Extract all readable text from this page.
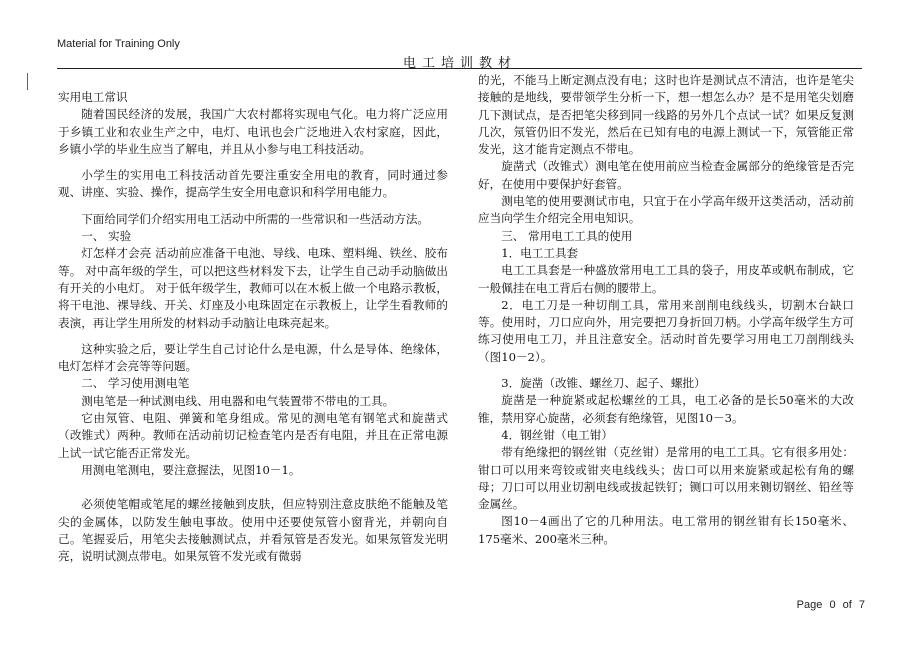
Material for Training Only
电工培训教材

实用电工常识

随着国民经济的发展，我国广大农村都将实现电气化。电力将广泛应用于乡镇工业和农业生产之中，电灯、电讯也会广泛地进入农村家庭，因此，乡镇小学的毕业生应当了解电，并且从小参与电工科技活动。

小学生的实用电工科技活动首先要注重安全用电的教育，同时通过参观、讲座、实验、操作，提高学生安全用电意识和科学用电能力。

下面给同学们介绍实用电工活动中所需的一些常识和一些活动方法。

一、 实验

灯怎样才会亮 活动前应准备干电池、导线、电珠、塑料绳、铁丝、胶布等。 对中高年级的学生，可以把这些材料发下去，让学生自己动手动脑做出有开关的小电灯。 对于低年级学生，教师可以在木板上做一个电路示教板，将干电池、裸导线、开关、灯座及小电珠固定在示教板上，让学生看教师的表演，再让学生用所发的材料动手动脑让电珠亮起来。

这种实验之后，要让学生自己讨论什么是电源，什么是导体、绝缘体，电灯怎样才会亮等等问题。

二、 学习使用测电笔

测电笔是一种试测电线、用电器和电气装置带不带电的工具。

它由氖管、电阻、弹簧和笔身组成。常见的测电笔有钢笔式和旋凿式（改锥式）两种。教师在活动前切记检查笔内是否有电阻，并且在正常电源上试一试它能否正常发光。

用测电笔测电，要注意握法，见图10－1。

必须使笔帽或笔尾的螺丝接触到皮肤，但应特别注意皮肤绝不能触及笔尖的金属体，以防发生触电事故。使用中还要使氖管小窗背光，并朝向自己。笔握妥后，用笔尖去接触测试点，并看氖管是否发光。如果氖管发光明亮，说明试测点带电。如果氖管不发光或有微弱

的光，不能马上断定测点没有电；这时也许是测试点不清洁，也许是笔尖接触的是地线，要带领学生分析一下，想一想怎么办？是不是用笔尖划磨几下测试点，是否把笔尖移到同一线路的另外几个点试一试？如果反复测几次，氖管仍旧不发光，然后在已知有电的电源上测试一下，氖管能正常发光，这才能肯定测点不带电。

旋凿式（改锥式）测电笔在使用前应当检查金属部分的绝缘管是否完好，在使用中要保护好套管。

测电笔的使用要测试市电，只宜于在小学高年级开这类活动，活动前应当向学生介绍完全用电知识。

三、 常用电工工具的使用

1．电工工具套

电工工具套是一种盛放常用电工工具的袋子，用皮革或帆布制成，它一般佩挂在电工背后右侧的腰带上。

2．电工刀是一种切削工具，常用来剖削电线线头，切割木台缺口等。使用时，刀口应向外，用完要把刀身折回刀柄。小学高年级学生方可练习使用电工刀，并且注意安全。活动时首先要学习用电工刀剖削线头（图10－2）。

3．旋凿（改锥、螺丝刀、起子、螺批）

旋凿是一种旋紧或起松螺丝的工具，电工必备的是长50毫米的大改锥，禁用穿心旋凿，必须套有绝缘管，见图10－3。

4．钢丝钳（电工钳）

带有绝缘把的钢丝钳（克丝钳）是常用的电工工具。它有很多用处：钳口可以用来弯铰或钳夹电线线头；齿口可以用来旋紧或起松有角的螺母；刀口可以用业切割电线或拔起铁钉；铡口可以用来铡切钢丝、铅丝等金属丝。

图10－4画出了它的几种用法。电工常用的钢丝钳有长150毫米、175毫米、200毫米三种。

Page 0 of 7
